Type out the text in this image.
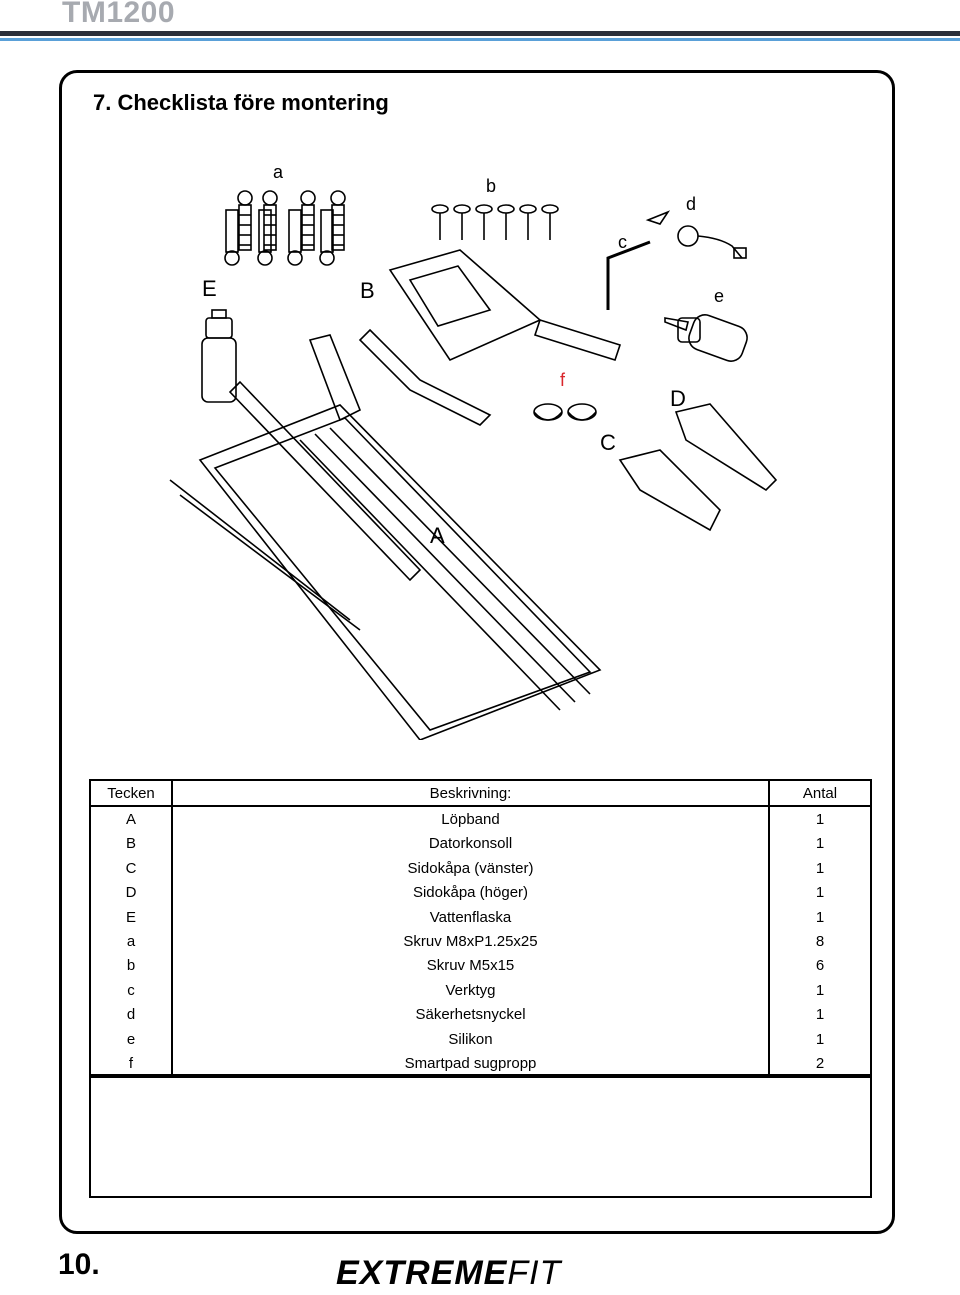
TM1200
7. Checklista före montering
a
b
c
d
e
f
A
B
C
D
E
Tecken	Beskrivning:	Antal
A	Löpband	1
B	Datorkonsoll	1
C	Sidokåpa (vänster)	1
D	Sidokåpa (höger)	1
E	Vattenflaska	1
a	Skruv M8xP1.25x25	8
b	Skruv M5x15	6
c	Verktyg	1
d	Säkerhetsnyckel	1
e	Silikon	1
f	Smartpad sugpropp	2
10.	EXTREMEFIT
